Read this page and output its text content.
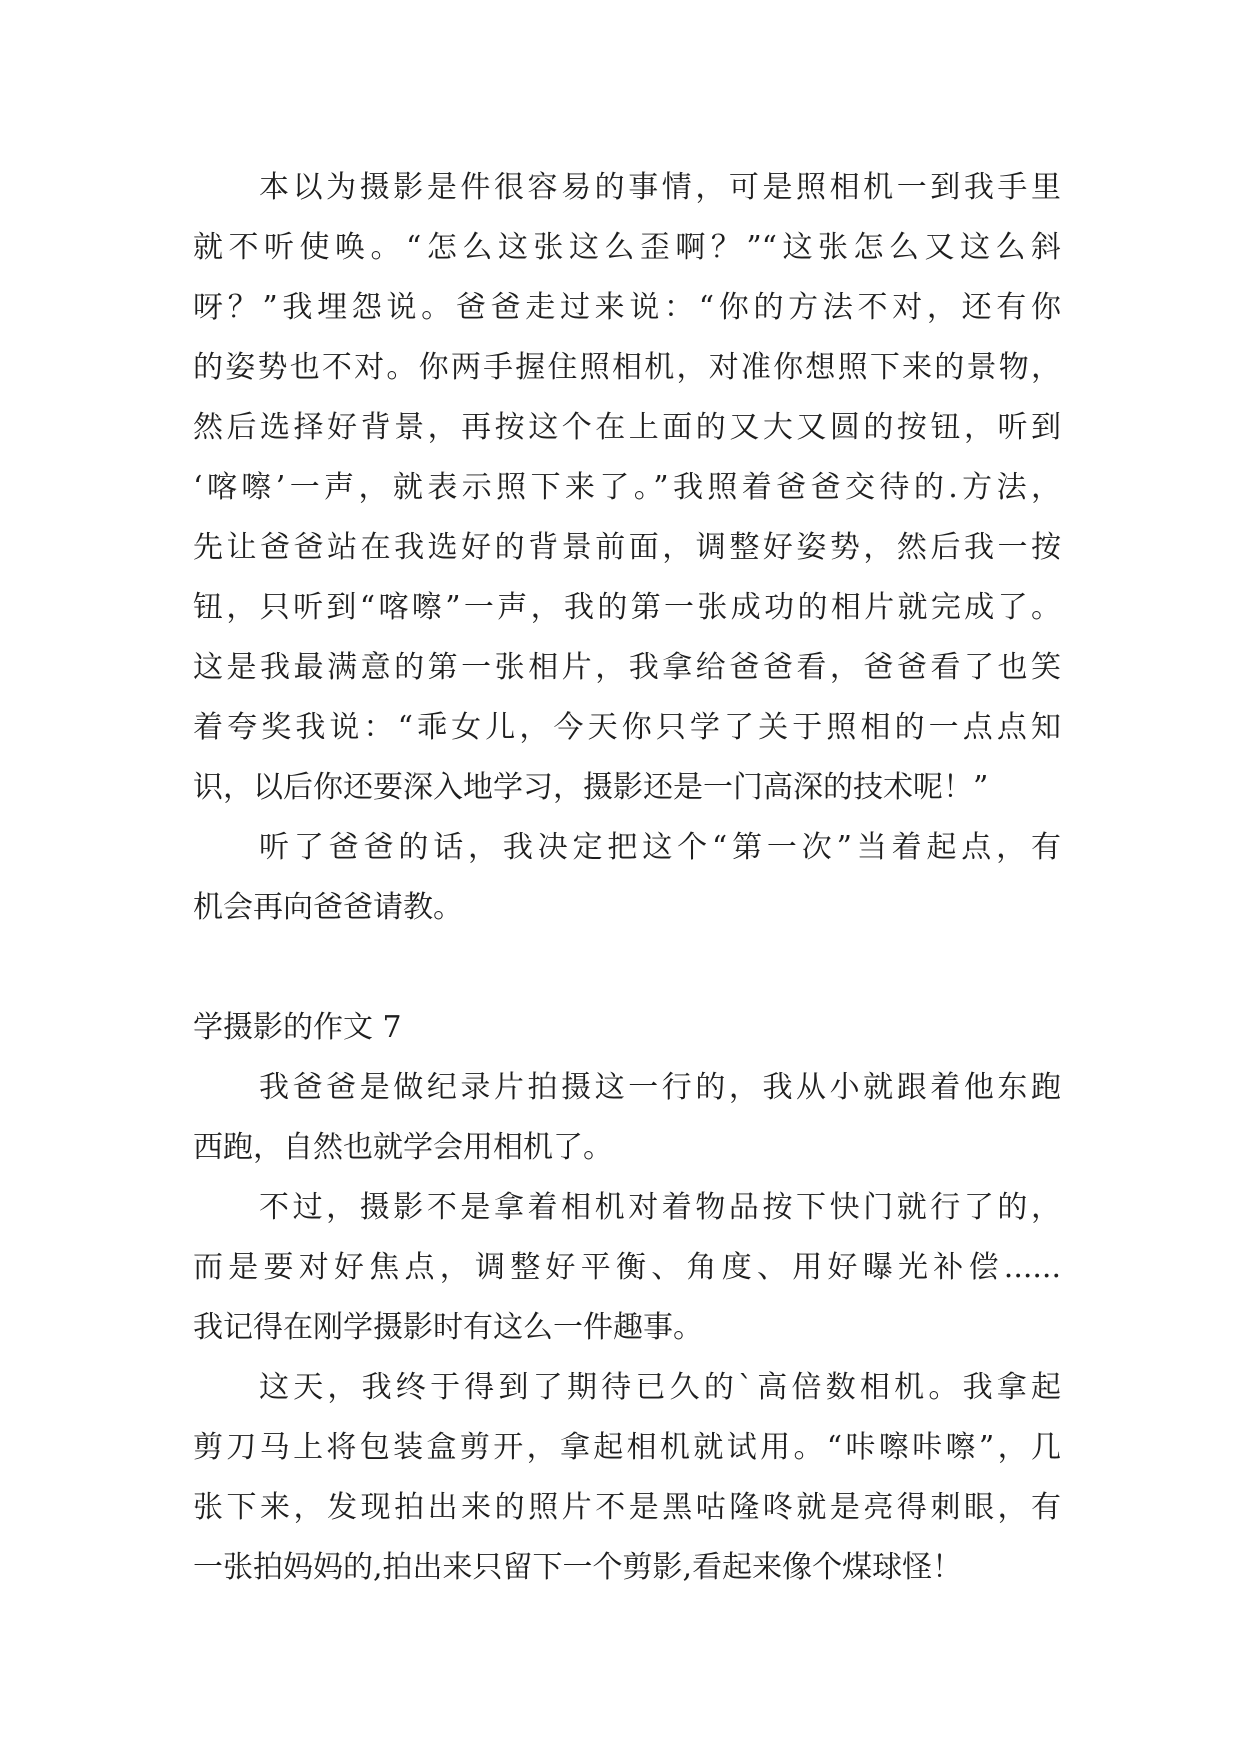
本以为摄影是件很容易的事情，可是照相机一到我手里
就不听使唤。“怎么这张这么歪啊？”“这张怎么又这么斜
呀？”我埋怨说。爸爸走过来说：“你的方法不对，还有你
的姿势也不对。你两手握住照相机，对准你想照下来的景物，
然后选择好背景，再按这个在上面的又大又圆的按钮，听到
‘喀嚓’一声，就表示照下来了。”我照着爸爸交待的.方法，
先让爸爸站在我选好的背景前面，调整好姿势，然后我一按
钮，只听到“喀嚓”一声，我的第一张成功的相片就完成了。
这是我最满意的第一张相片，我拿给爸爸看，爸爸看了也笑
着夸奖我说：“乖女儿，今天你只学了关于照相的一点点知
识，以后你还要深入地学习，摄影还是一门高深的技术呢！”
听了爸爸的话，我决定把这个“第一次”当着起点，有
机会再向爸爸请教。
学摄影的作文 7
我爸爸是做纪录片拍摄这一行的，我从小就跟着他东跑
西跑，自然也就学会用相机了。
不过，摄影不是拿着相机对着物品按下快门就行了的，
而是要对好焦点，调整好平衡、角度、用好曝光补偿......
我记得在刚学摄影时有这么一件趣事。
这天，我终于得到了期待已久的`高倍数相机。我拿起
剪刀马上将包装盒剪开，拿起相机就试用。“咔嚓咔嚓”，几
张下来，发现拍出来的照片不是黑咕隆咚就是亮得刺眼，有
一张拍妈妈的,拍出来只留下一个剪影,看起来像个煤球怪！
